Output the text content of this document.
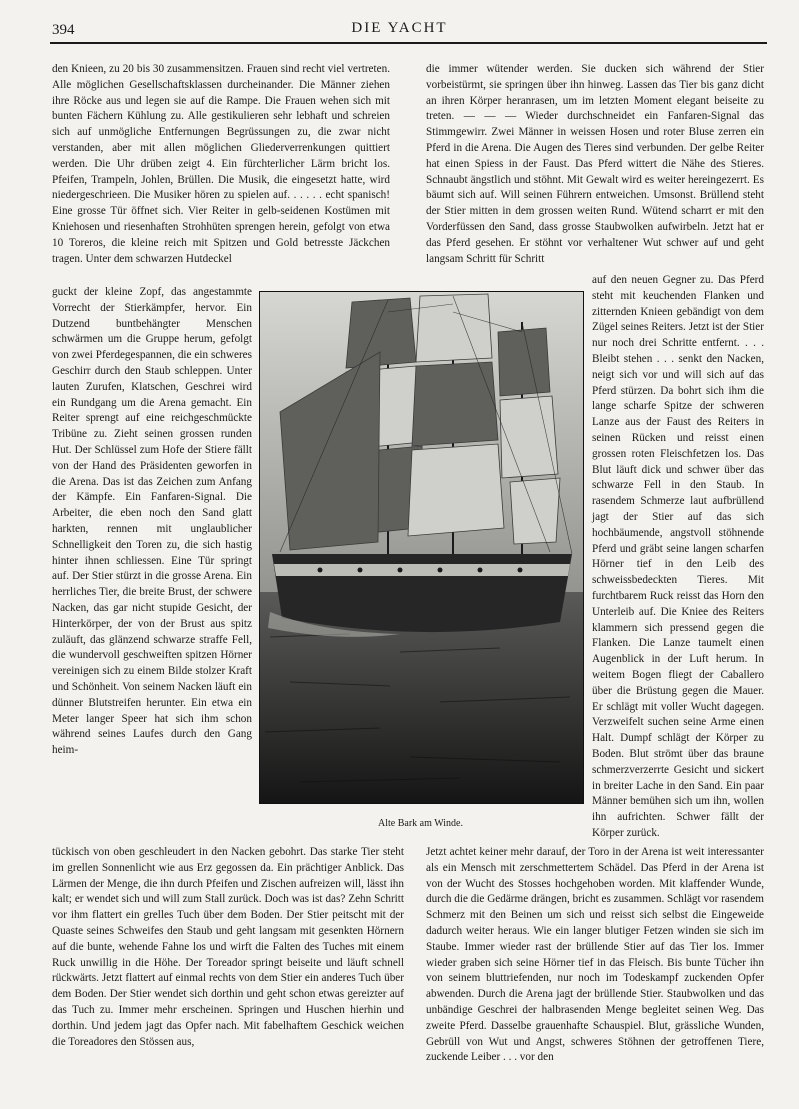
394	DIE YACHT

den Knieen, zu 20 bis 30 zusammensitzen. Frauen sind recht viel vertreten. Alle möglichen Gesellschaftsklassen durcheinander. Die Männer ziehen ihre Röcke aus und legen sie auf die Rampe. Die Frauen wehen sich mit bunten Fächern Kühlung zu. Alle gestikulieren sehr lebhaft und schreien sich auf unmögliche Entfernungen Begrüssungen zu, die zwar nicht verstanden, aber mit allen möglichen Gliederverrenkungen quittiert werden. Die Uhr drüben zeigt 4. Ein fürchterlicher Lärm bricht los. Pfeifen, Trampeln, Johlen, Brüllen. Die Musik, die eingesetzt hatte, wird niedergeschrieen. Die Musiker hören zu spielen auf. . . . . . echt spanisch! Eine grosse Tür öffnet sich. Vier Reiter in gelb-seidenen Kostümen mit Kniehosen und riesenhaften Strohhüten sprengen herein, gefolgt von etwa 10 Toreros, die kleine reich mit Spitzen und Gold betresste Jäckchen tragen. Unter dem schwarzen Hutdeckel

guckt der kleine Zopf, das angestammte Vorrecht der Stierkämpfer, hervor. Ein Dutzend buntbehängter Menschen schwärmen um die Gruppe herum, gefolgt von zwei Pferdegespannen, die ein schweres Geschirr durch den Staub schleppen. Unter lauten Zurufen, Klatschen, Geschrei wird ein Rundgang um die Arena gemacht. Ein Reiter sprengt auf eine reichgeschmückte Tribüne zu. Zieht seinen grossen runden Hut. Der Schlüssel zum Hofe der Stiere fällt von der Hand des Präsidenten geworfen in die Arena. Das ist das Zeichen zum Anfang der Kämpfe. Ein Fanfaren-Signal. Die Arbeiter, die eben noch den Sand glatt harkten, rennen mit unglaublicher Schnelligkeit den Toren zu, die sich hastig hinter ihnen schliessen. Eine Tür springt auf. Der Stier stürzt in die grosse Arena. Ein herrliches Tier, die breite Brust, der schwere Nacken, das gar nicht stupide Gesicht, der Hinterkörper, der von der Brust aus spitz zuläuft, das glänzend schwarze straffe Fell, die wundervoll geschweiften spitzen Hörner vereinigen sich zu einem Bilde stolzer Kraft und Schönheit. Von seinem Nacken läuft ein dünner Blutstreifen herunter. Ein etwa ein Meter langer Speer hat sich ihm schon während seines Laufes durch den Gang heim-

tückisch von oben geschleudert in den Nacken gebohrt. Das starke Tier steht im grellen Sonnenlicht wie aus Erz gegossen da. Ein prächtiger Anblick. Das Lärmen der Menge, die ihn durch Pfeifen und Zischen aufreizen will, lässt ihn kalt; er wendet sich und will zum Stall zurück. Doch was ist das? Zehn Schritt vor ihm flattert ein grelles Tuch über dem Boden. Der Stier peitscht mit der Quaste seines Schweifes den Staub und geht langsam mit gesenkten Hörnern auf die bunte, wehende Fahne los und wirft die Falten des Tuches mit einem Ruck unwillig in die Höhe. Der Toreador springt beiseite und läuft schnell rückwärts. Jetzt flattert auf einmal rechts von dem Stier ein anderes Tuch über dem Boden. Der Stier wendet sich dorthin und geht schon etwas gereizter auf das Tuch zu. Immer mehr erscheinen. Springen und Huschen hierhin und dorthin. Und jedem jagt das Opfer nach. Mit fabelhaftem Geschick weichen die Toreadores den Stössen aus,

die immer wütender werden. Sie ducken sich während der Stier vorbeistürmt, sie springen über ihn hinweg. Lassen das Tier bis ganz dicht an ihren Körper heranrasen, um im letzten Moment elegant beiseite zu treten. — — — Wieder durchschneidet ein Fanfaren-Signal das Stimmgewirr. Zwei Männer in weissen Hosen und roter Bluse zerren ein Pferd in die Arena. Die Augen des Tieres sind verbunden. Der gelbe Reiter hat einen Spiess in der Faust. Das Pferd wittert die Nähe des Stieres. Schnaubt ängstlich und stöhnt. Mit Gewalt wird es weiter hereingezerrt. Es bäumt sich auf. Will seinen Führern entweichen. Umsonst. Brüllend steht der Stier mitten in dem grossen weiten Rund. Wütend scharrt er mit den Vorderfüssen den Sand, dass grosse Staubwolken aufwirbeln. Jetzt hat er das Pferd gesehen. Er stöhnt vor verhaltener Wut schwer auf und geht langsam Schritt für Schritt

auf den neuen Gegner zu. Das Pferd steht mit keuchenden Flanken und zitternden Knieen gebändigt von dem Zügel seines Reiters. Jetzt ist der Stier nur noch drei Schritte entfernt. . . . Bleibt stehen . . . senkt den Nacken, neigt sich vor und will sich auf das Pferd stürzen. Da bohrt sich ihm die lange scharfe Spitze der schweren Lanze aus der Faust des Reiters in seinen Rücken und reisst einen grossen roten Fleischfetzen los. Das Blut läuft dick und schwer über das schwarze Fell in den Staub. In rasendem Schmerze laut aufbrüllend jagt der Stier auf das sich hochbäumende, angstvoll stöhnende Pferd und gräbt seine langen scharfen Hörner tief in den Leib des schweissbedeckten Tieres. Mit furchtbarem Ruck reisst das Horn den Unterleib auf. Die Kniee des Reiters klammern sich pressend gegen die Flanken. Die Lanze taumelt einen Augenblick in der Luft herum. In weitem Bogen fliegt der Caballero über die Brüstung gegen die Mauer. Er schlägt mit voller Wucht dagegen. Verzweifelt suchen seine Arme einen Halt. Dumpf schlägt der Körper zu Boden. Blut strömt über das braune schmerzverzerrte Gesicht und sickert in breiter Lache in den Sand. Ein paar Männer bemühen sich um ihn, wollen ihn aufrichten. Schwer fällt der Körper zurück.

Jetzt achtet keiner mehr darauf, der Toro in der Arena ist weit interessanter als ein Mensch mit zerschmettertem Schädel. Das Pferd in der Arena ist von der Wucht des Stosses hochgehoben worden. Mit klaffender Wunde, durch die die Gedärme drängen, bricht es zusammen. Schlägt vor rasendem Schmerz mit den Beinen um sich und reisst sich selbst die Eingeweide dadurch weiter heraus. Wie ein langer blutiger Fetzen winden sie sich im Staube. Immer wieder rast der brüllende Stier auf das Tier los. Immer wieder graben sich seine Hörner tief in das Fleisch. Bis bunte Tücher ihn von seinem bluttriefenden, nur noch im Todeskampf zuckenden Opfer abwenden. Durch die Arena jagt der brüllende Stier. Staubwolken und das unbändige Geschrei der halbrasenden Menge begleitet seinen Weg. Das zweite Pferd. Dasselbe grauenhafte Schauspiel. Blut, grässliche Wunden, Gebrüll von Wut und Angst, schweres Stöhnen der getroffenen Tiere, zuckende Leiber . . . vor den

Alte Bark am Winde.
